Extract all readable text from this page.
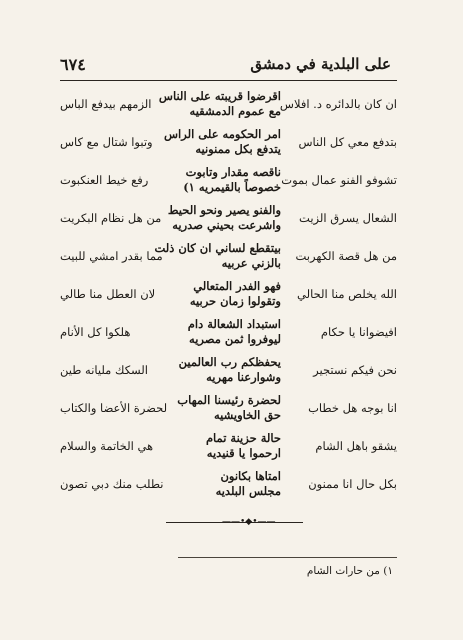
٦٧٤	على البلدية في دمشق
ان كان بالدائره د. افلاس
اقرضوا قريبته على الناس
مع عموم الدمشقيه
الزمهم بيدفع الباس
بتدفع معي كل الناس
امر الحكومه على الراس
يتدفع بكل ممنونيه
وتبوا شتال مع كاس
تشوفو الفنو عمال بموت
ناقصه مقدار وتابوت
خصوصاً بالقيمريه ١)
رفع خيط العنكبوت
الشعال يسرق الزيت
والفنو يصير ونحو الحيط
واشرعت بحيني صدريه
من هل نظام البكريت
من هل قصة الكهربت
بيتقطع لساني ان كان ذلت
بالزني عربيه
مما بقدر امشي للبيت
الله يخلص منا الحالي
فهو الفدر المتعالي
وتقولوا زمان حربيه
لان العطل منا طالي
افيضوانا يا حكام
استبداد الشعالة دام
ليوفروا ثمن مصريه
هلكوا كل الأنام
نحن فيكم نستجير
يحفظكم رب العالمين
وشوارعنا مهريه
السكك مليانه طين
انا بوجه هل خطاب
لحضرة رئيسنا المهاب
حق الخاويشيه
لحضرة الأعضا والكتاب
يشقو باهل الشام
حالة حزينة تمام
ارحموا يا قنيديه
هي الخاتمة والسلام
بكل حال انا ممنون
امتاها بكانون
مجلس البلديه
نطلب منك دبي تصون
——•◆•——
١) من حارات الشام
